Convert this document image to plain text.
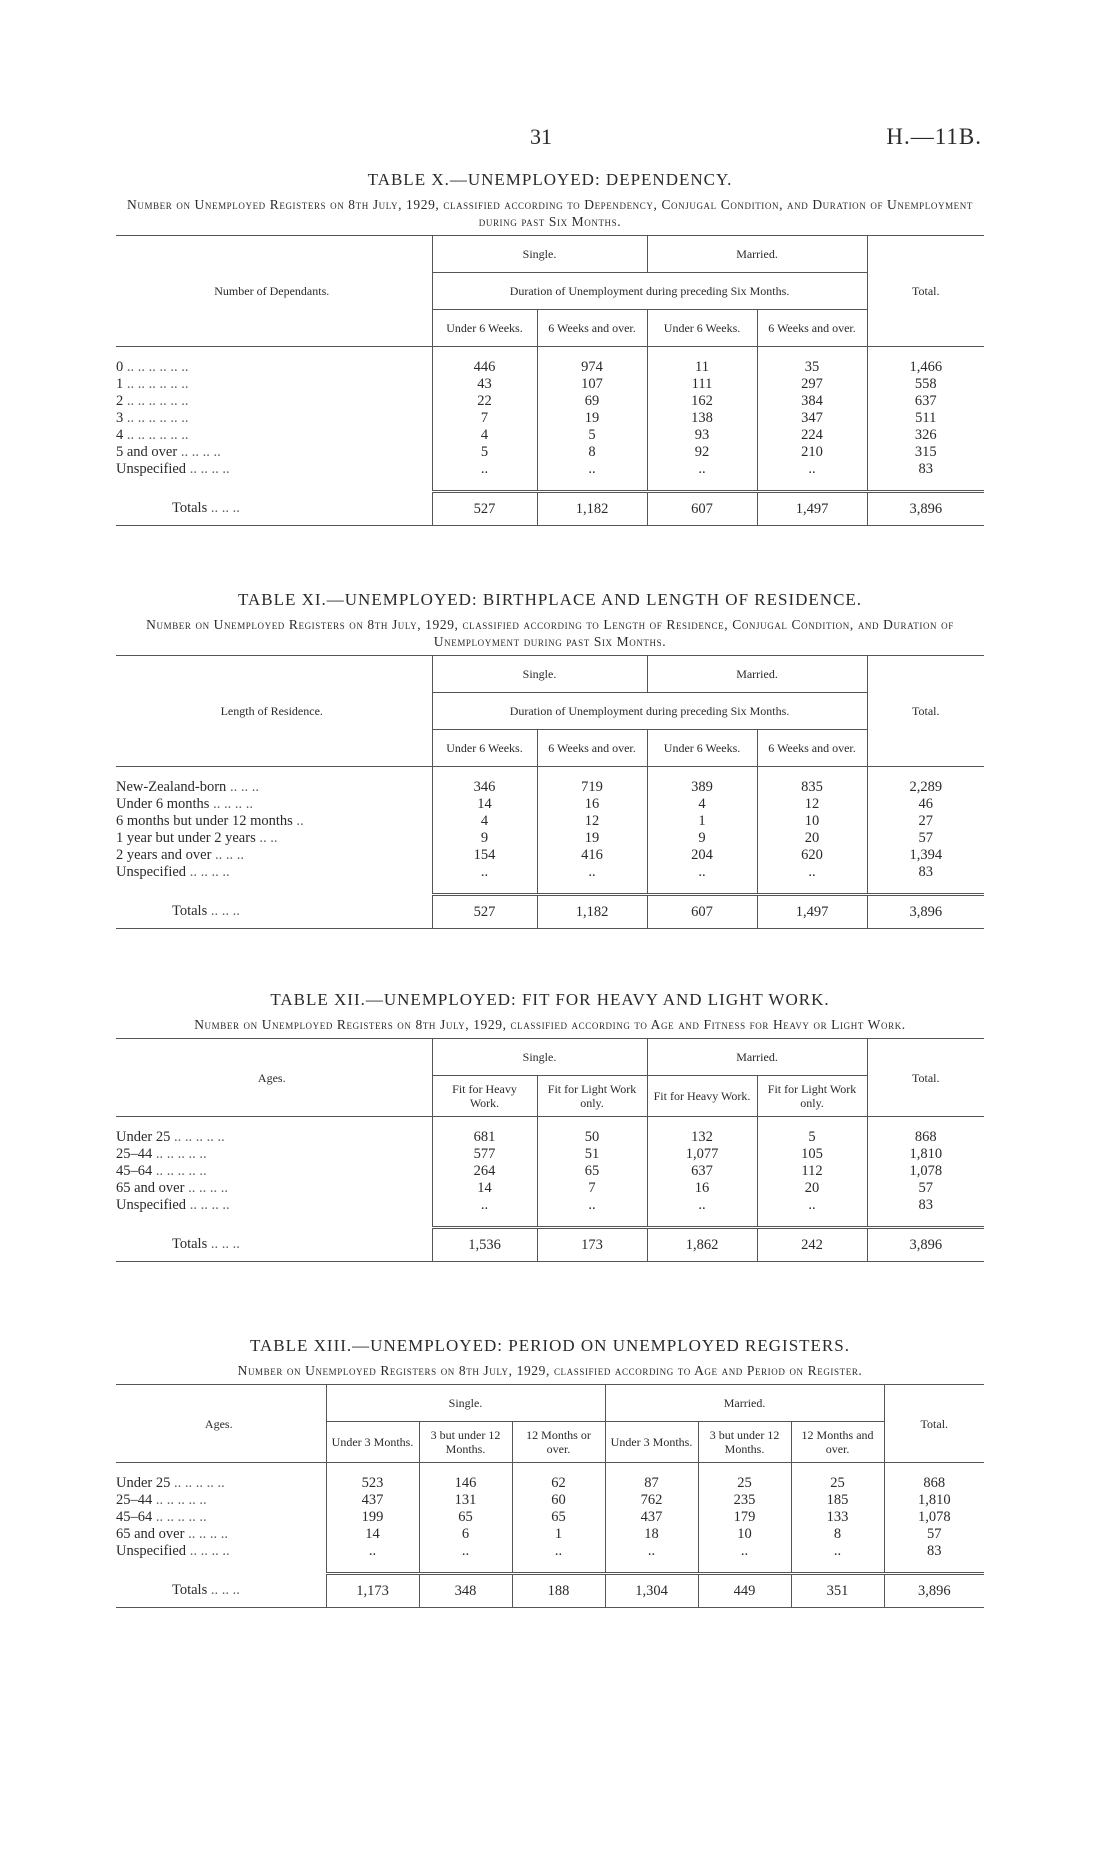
31	H.—11B.
TABLE X.—UNEMPLOYED: DEPENDENCY.
Number on Unemployed Registers on 8th July, 1929, classified according to Dependency, Conjugal Condition, and Duration of Unemployment during past Six Months.
Number of Dependants.	Single.		Married.		Total.
	Duration of Unemployment during preceding Six Months.				
	Under 6 Weeks.	6 Weeks and over.	Under 6 Weeks.	6 Weeks and over.	

0 .. .. .. .. .. ..	446	974	11	35	1,466
1 .. .. .. .. .. ..	43	107	111	297	558
2 .. .. .. .. .. ..	22	69	162	384	637
3 .. .. .. .. .. ..	7	19	138	347	511
4 .. .. .. .. .. ..	4	5	93	224	326
5 and over .. .. .. ..	5	8	92	210	315
Unspecified .. .. .. ..	..	..	..	..	83

Totals .. .. ..	527	1,182	607	1,497	3,896
TABLE XI.—UNEMPLOYED: BIRTHPLACE AND LENGTH OF RESIDENCE.
Number on Unemployed Registers on 8th July, 1929, classified according to Length of Residence, Conjugal Condition, and Duration of Unemployment during past Six Months.
Length of Residence.	Single.		Married.		Total.
	Duration of Unemployment during preceding Six Months.				
	Under 6 Weeks.	6 Weeks and over.	Under 6 Weeks.	6 Weeks and over.	

New-Zealand-born .. .. ..	346	719	389	835	2,289
Under 6 months .. .. .. ..	14	16	4	12	46
6 months but under 12 months ..	4	12	1	10	27
1 year but under 2 years .. ..	9	19	9	20	57
2 years and over .. .. ..	154	416	204	620	1,394
Unspecified .. .. .. ..	..	..	..	..	83

Totals .. .. ..	527	1,182	607	1,497	3,896
TABLE XII.—UNEMPLOYED: FIT FOR HEAVY AND LIGHT WORK.
Number on Unemployed Registers on 8th July, 1929, classified according to Age and Fitness for Heavy or Light Work.
Ages.	Single.		Married.		Total.
	Fit for Heavy Work.	Fit for Light Work only.	Fit for Heavy Work.	Fit for Light Work only.	

Under 25 .. .. .. .. ..	681	50	132	5	868
25–44 .. .. .. .. ..	577	51	1,077	105	1,810
45–64 .. .. .. .. ..	264	65	637	112	1,078
65 and over .. .. .. ..	14	7	16	20	57
Unspecified .. .. .. ..	..	..	..	..	83

Totals .. .. ..	1,536	173	1,862	242	3,896
TABLE XIII.—UNEMPLOYED: PERIOD ON UNEMPLOYED REGISTERS.
Number on Unemployed Registers on 8th July, 1929, classified according to Age and Period on Register.
Ages.	Single.			Married.			Total.
	Under 3 Months.	3 but under 12 Months.	12 Months or over.	Under 3 Months.	3 but under 12 Months.	12 Months and over.	

Under 25 .. .. .. .. ..	523	146	62	87	25	25	868
25–44 .. .. .. .. ..	437	131	60	762	235	185	1,810
45–64 .. .. .. .. ..	199	65	65	437	179	133	1,078
65 and over .. .. .. ..	14	6	1	18	10	8	57
Unspecified .. .. .. ..	..	..	..	..	..	..	83

Totals .. .. ..	1,173	348	188	1,304	449	351	3,896
